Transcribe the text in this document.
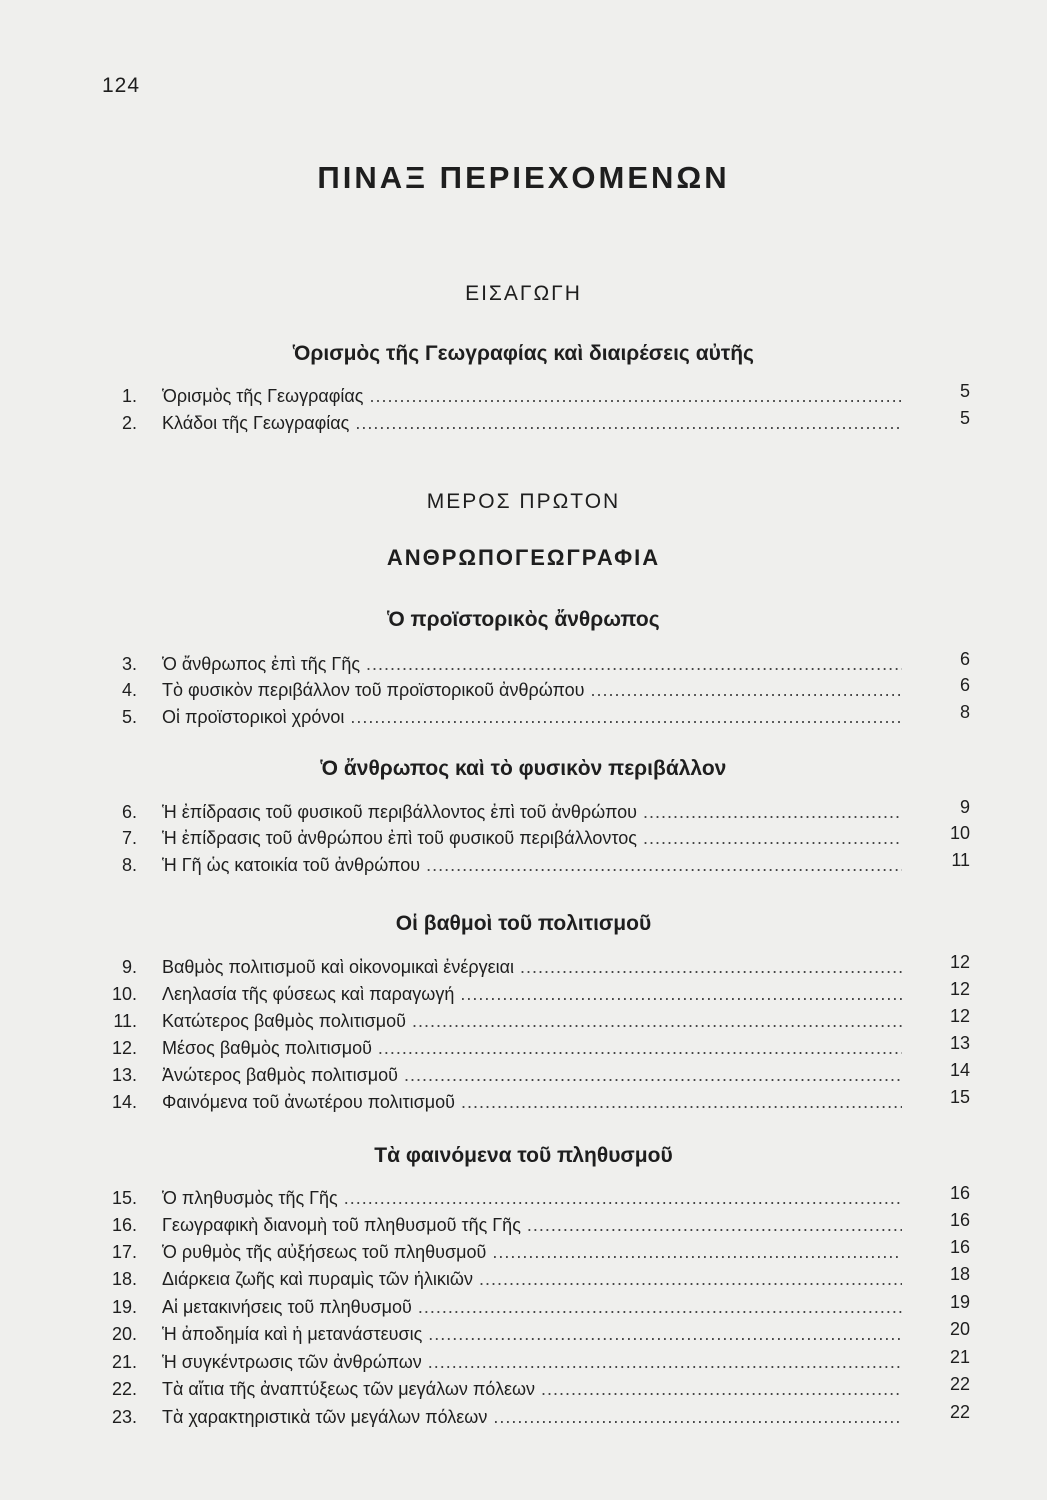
124
ΠΙΝΑΞ ΠΕΡΙΕΧΟΜΕΝΩΝ
ΕΙΣΑΓΩΓΗ
Ὁρισμὸς τῆς Γεωγραφίας καὶ διαιρέσεις αὐτῆς
1. Ὁρισμὸς τῆς Γεωγραφίας .....	5
2. Κλάδοι τῆς Γεωγραφίας .....	5
ΜΕΡΟΣ ΠΡΩΤΟΝ
ΑΝΘΡΩΠΟΓΕΩΓΡΑΦΙΑ
Ὁ προϊστορικὸς ἄνθρωπος
3. Ὁ ἄνθρωπος ἐπὶ τῆς Γῆς .....	6
4. Τὸ φυσικὸν περιβάλλον τοῦ προϊστορικοῦ ἀνθρώπου .....	6
5. Οἱ προϊστορικοὶ χρόνοι .....	8
Ὁ ἄνθρωπος καὶ τὸ φυσικὸν περιβάλλον
6. Ἡ ἐπίδρασις τοῦ φυσικοῦ περιβάλλοντος ἐπὶ τοῦ ἀνθρώπου .....	9
7. Ἡ ἐπίδρασις τοῦ ἀνθρώπου ἐπὶ τοῦ φυσικοῦ περιβάλλοντος .....	10
8. Ἡ Γῆ ὡς κατοικία τοῦ ἀνθρώπου .....	11
Οἱ βαθμοὶ τοῦ πολιτισμοῦ
9. Βαθμὸς πολιτισμοῦ καὶ οἰκονομικαὶ ἐνέργειαι .....	12
10. Λεηλασία τῆς φύσεως καὶ παραγωγή .....	12
11. Κατώτερος βαθμὸς πολιτισμοῦ .....	12
12. Μέσος βαθμὸς πολιτισμοῦ .....	13
13. Ἀνώτερος βαθμὸς πολιτισμοῦ .....	14
14. Φαινόμενα τοῦ ἀνωτέρου πολιτισμοῦ .....	15
Τὰ φαινόμενα τοῦ πληθυσμοῦ
15. Ὁ πληθυσμὸς τῆς Γῆς .....	16
16. Γεωγραφικὴ διανομὴ τοῦ πληθυσμοῦ τῆς Γῆς .....	16
17. Ὁ ρυθμὸς τῆς αὐξήσεως τοῦ πληθυσμοῦ .....	16
18. Διάρκεια ζωῆς καὶ πυραμὶς τῶν ἡλικιῶν .....	18
19. Αἱ μετακινήσεις τοῦ πληθυσμοῦ .....	19
20. Ἡ ἀποδημία καὶ ἡ μετανάστευσις .....	20
21. Ἡ συγκέντρωσις τῶν ἀνθρώπων .....	21
22. Τὰ αἴτια τῆς ἀναπτύξεως τῶν μεγάλων πόλεων .....	22
23. Τὰ χαρακτηριστικὰ τῶν μεγάλων πόλεων .....	22
